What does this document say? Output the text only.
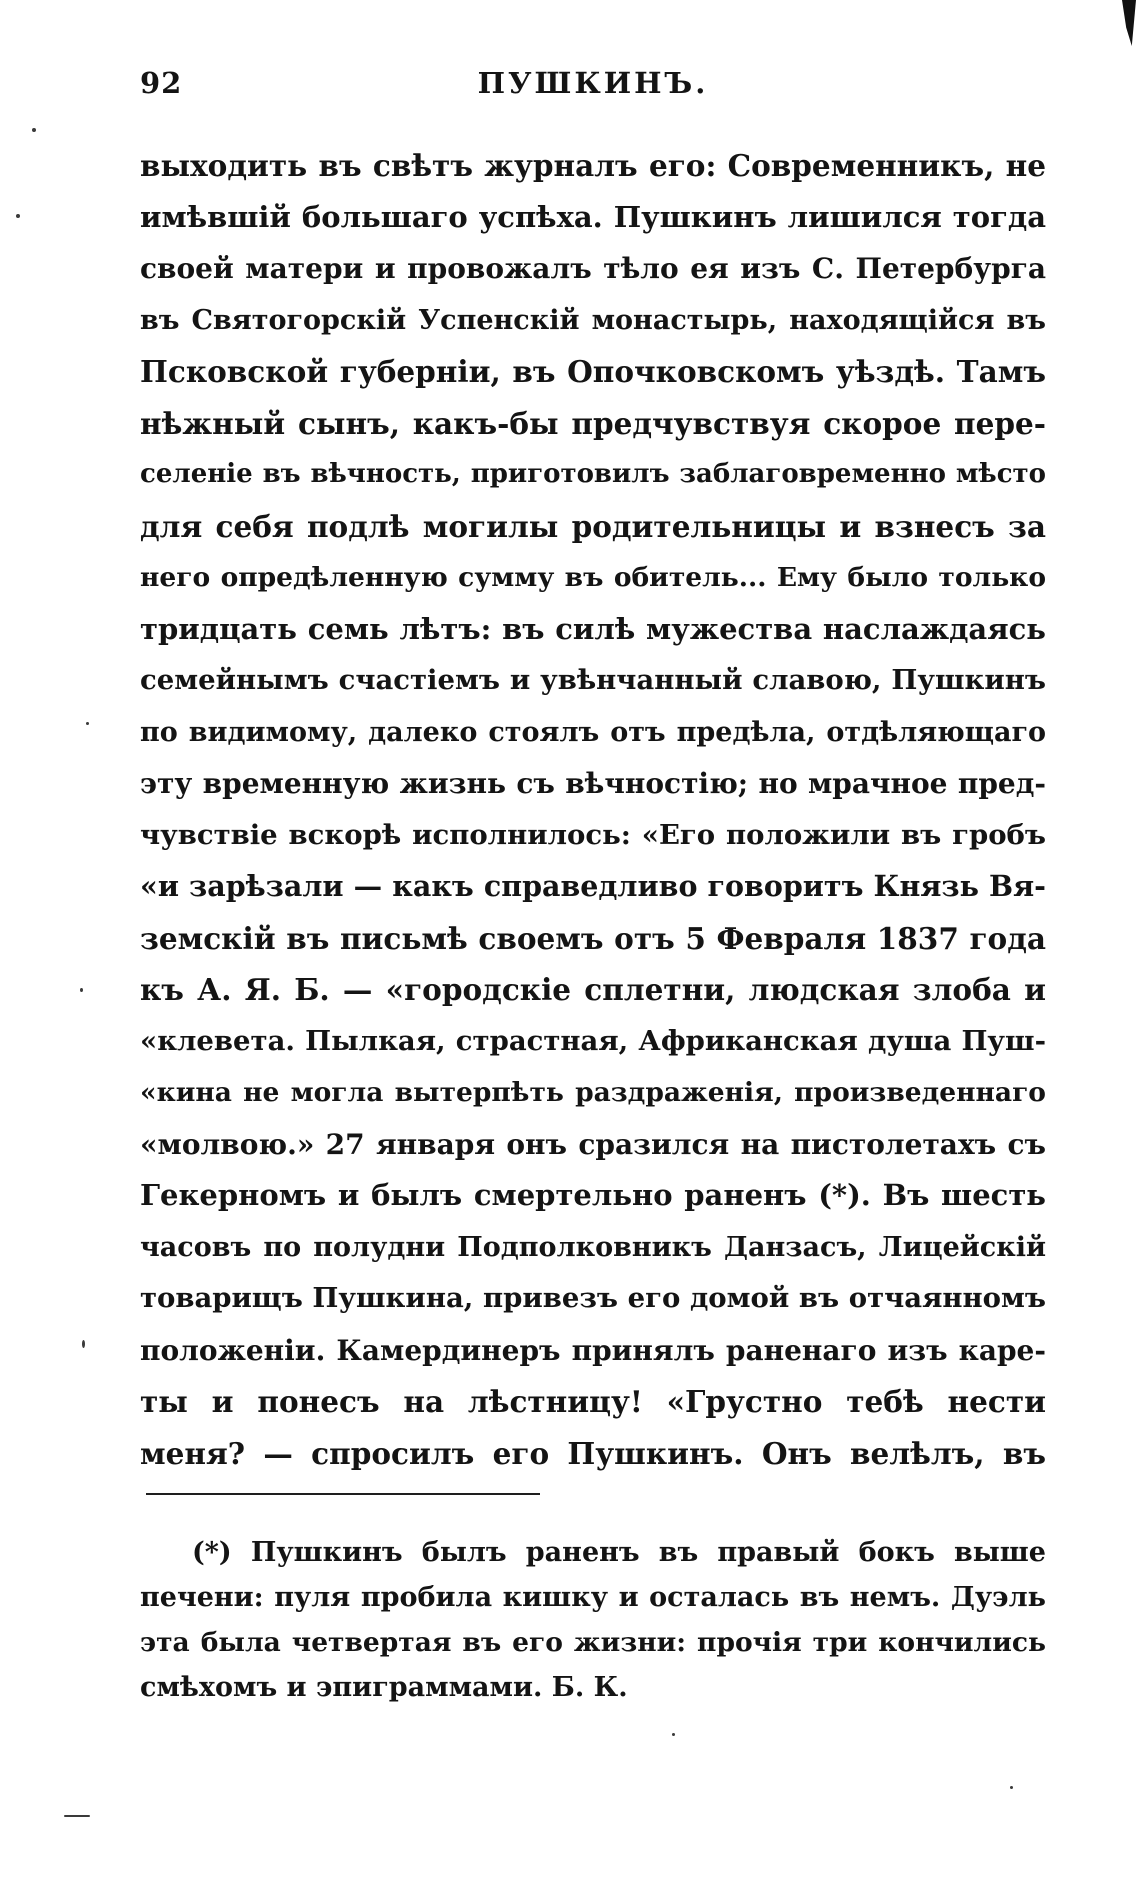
92	ПУШКИНЪ.
выходить въ свѣтъ журналъ его: Современникъ, не
имѣвшiй большаго успѣха. Пушкинъ лишился тогда
своей матери и провожалъ тѣло ея изъ С. Петербурга
въ Святогорскiй Успенскiй монастырь, находящiйся въ
Псковской губернiи, въ Опочковскомъ уѣздѣ. Тамъ
нѣжный сынъ, какъ-бы предчувствуя скорое пере-
селенiе въ вѣчность, приготовилъ заблаговременно мѣсто
для себя подлѣ могилы родительницы и взнесъ за
него опредѣленную сумму въ обитель... Ему было только
тридцать семь лѣтъ: въ силѣ мужества наслаждаясь
семейнымъ счастiемъ и увѣнчанный славою, Пушкинъ
по видимому, далеко стоялъ отъ предѣла, отдѣляющаго
эту временную жизнь съ вѣчностiю; но мрачное пред-
чувствiе вскорѣ исполнилось: «Его положили въ гробъ
«и зарѣзали — какъ справедливо говоритъ Князь Вя-
земскiй въ письмѣ своемъ отъ 5 Февраля 1837 года
къ А. Я. Б. — «городскiе сплетни, людская злоба и
«клевета. Пылкая, страстная, Африканская душа Пуш-
«кина не могла вытерпѣть раздраженiя, произведеннаго
«молвою.» 27 января онъ сразился на пистолетахъ съ
Гекерномъ и былъ смертельно раненъ (*). Въ шесть
часовъ по полудни Подполковникъ Данзасъ, Лицейскiй
товарищъ Пушкина, привезъ его домой въ отчаянномъ
положенiи. Камердинеръ принялъ раненаго изъ каре-
ты и понесъ на лѣстницу! «Грустно тебѣ нести
меня? — спросилъ его Пушкинъ. Онъ велѣлъ, въ
(*) Пушкинъ былъ раненъ въ правый бокъ выше
печени: пуля пробила кишку и осталась въ немъ. Дуэль
эта была четвертая въ его жизни: прочiя три кончились
смѣхомъ и эпиграммами. Б. К.
